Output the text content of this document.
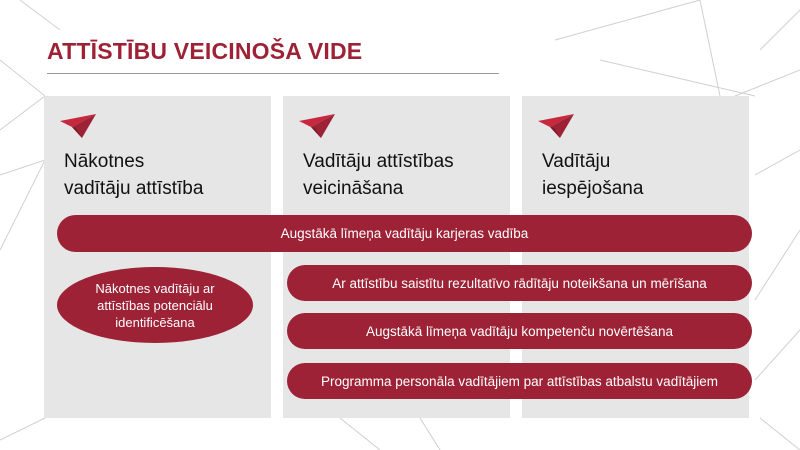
ATTĪSTĪBU VEICINOŠA VIDE
Nākotnes
vadītāju attīstība
Vadītāju attīstības
veicināšana
Vadītāju
iespējošana
Augstākā līmeņa vadītāju karjeras vadība
Nākotnes vadītāju ar
attīstības potenciālu
identificēšana
Ar attīstību saistītu rezultatīvo rādītāju noteikšana un mērīšana
Augstākā līmeņa vadītāju kompetenču novērtēšana
Programma personāla vadītājiem par attīstības atbalstu vadītājiem
